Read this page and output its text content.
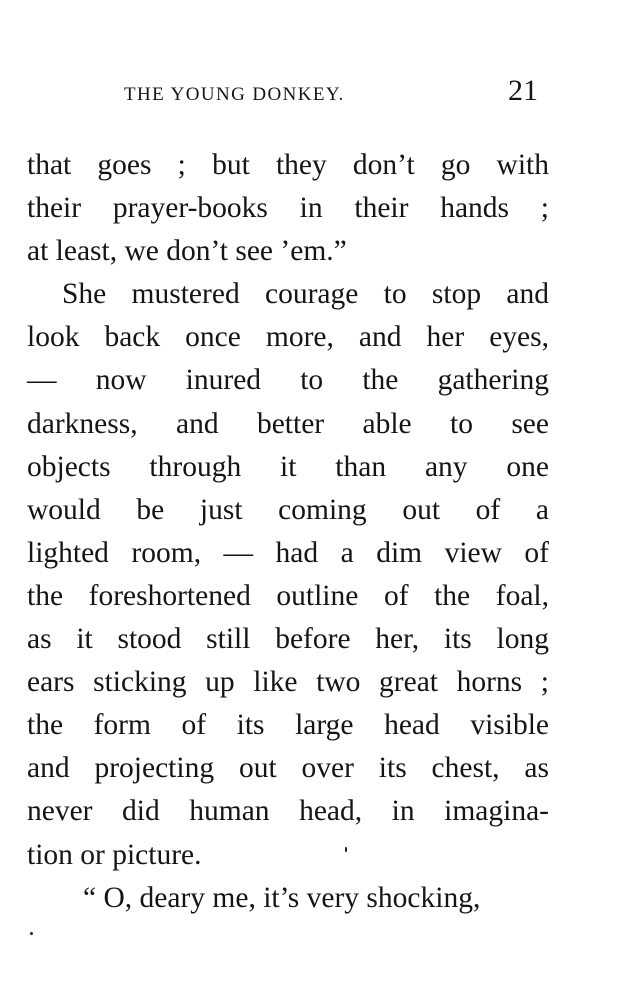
THE YOUNG DONKEY.	21
that goes ; but they don’t go with
their prayer-books in their hands ;
at least, we don’t see ’em.”
She mustered courage to stop and
look back once more, and her eyes,
— now inured to the gathering
darkness, and better able to see
objects through it than any one
would be just coming out of a
lighted room, — had a dim view of
the foreshortened outline of the foal,
as it stood still before her, its long
ears sticking up like two great horns ;
the form of its large head visible
and projecting out over its chest, as
never did human head, in imagina-
tion or picture.
“ O, deary me, it’s very shocking,
